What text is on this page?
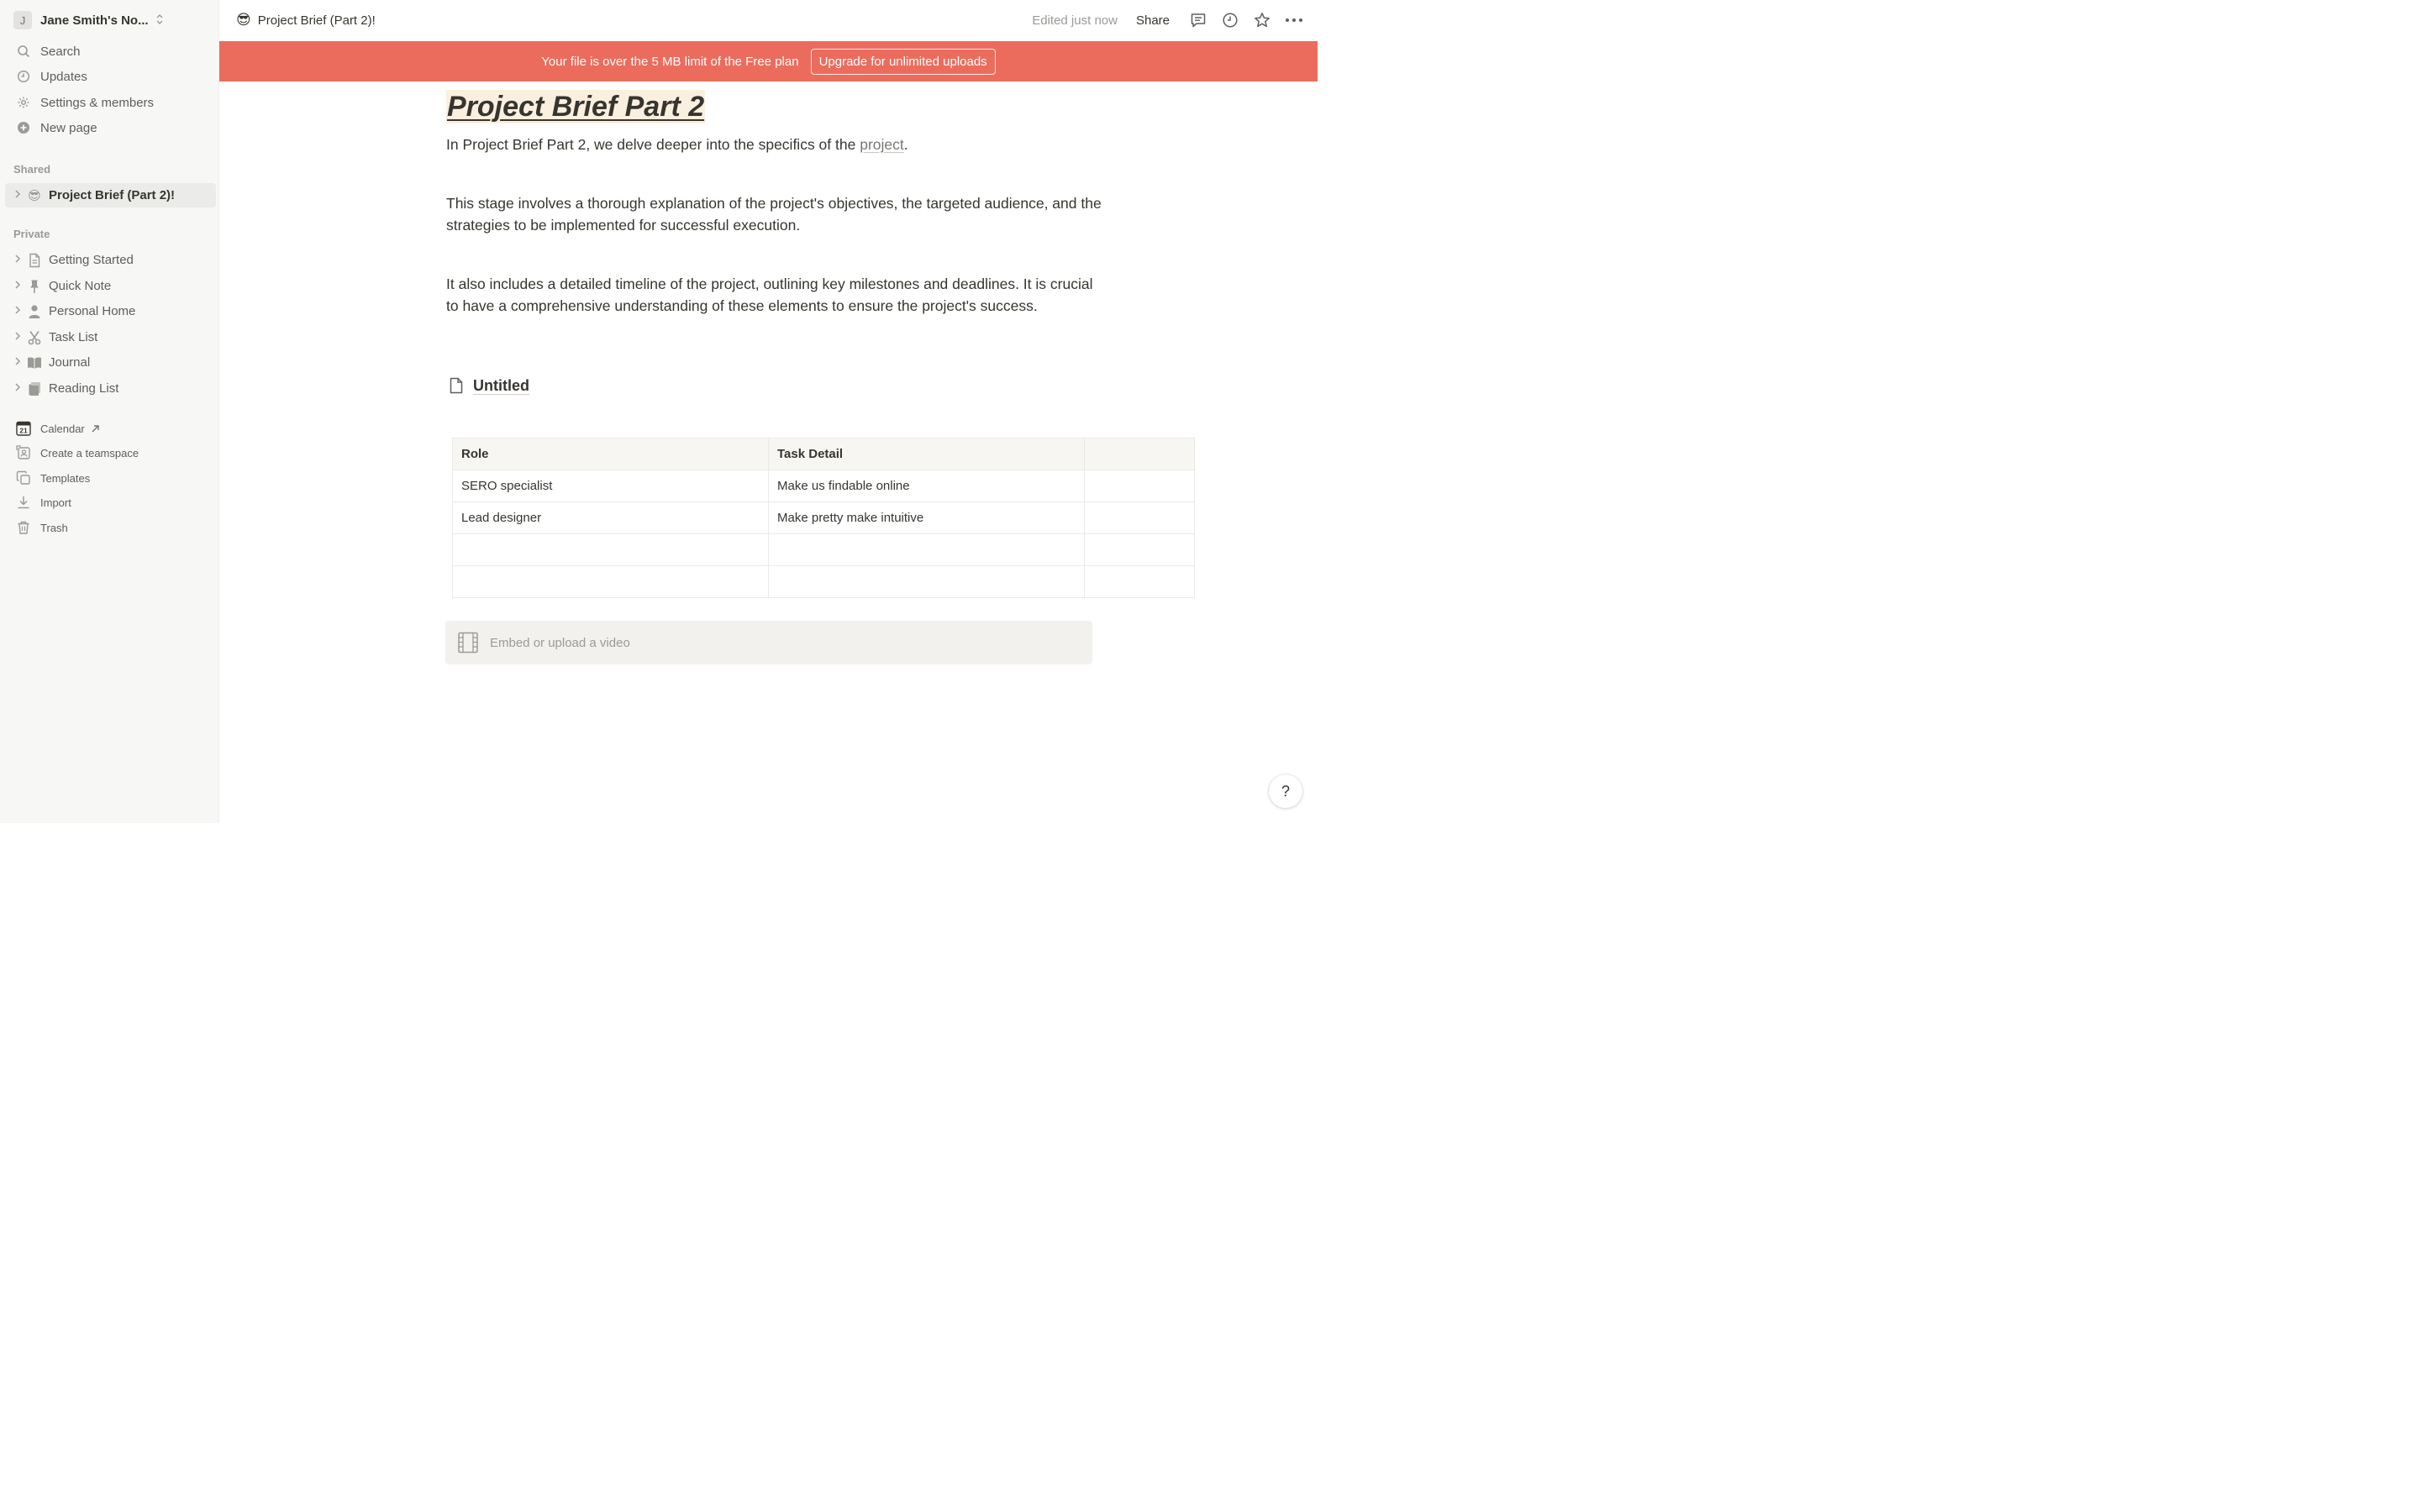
J	Jane Smith's No...
Search
Updates
Settings & members
New page
Shared
😎 Project Brief (Part 2)!
Private
Getting Started
Quick Note
Personal Home
Task List
Journal
Reading List
21 Calendar
Create a teamspace
Templates
Import
Trash
😎 Project Brief (Part 2)!	Edited just now Share
Your file is over the 5 MB limit of the Free plan	Upgrade for unlimited uploads
Project Brief Part 2
In Project Brief Part 2, we delve deeper into the specifics of the project.
This stage involves a thorough explanation of the project's objectives, the targeted audience, and the strategies to be implemented for successful execution.
It also includes a detailed timeline of the project, outlining key milestones and deadlines. It is crucial to have a comprehensive understanding of these elements to ensure the project's success.
Untitled
Role	Task Detail	
SERO specialist	Make us findable online	
Lead designer	Make pretty make intuitive	

Embed or upload a video
?
